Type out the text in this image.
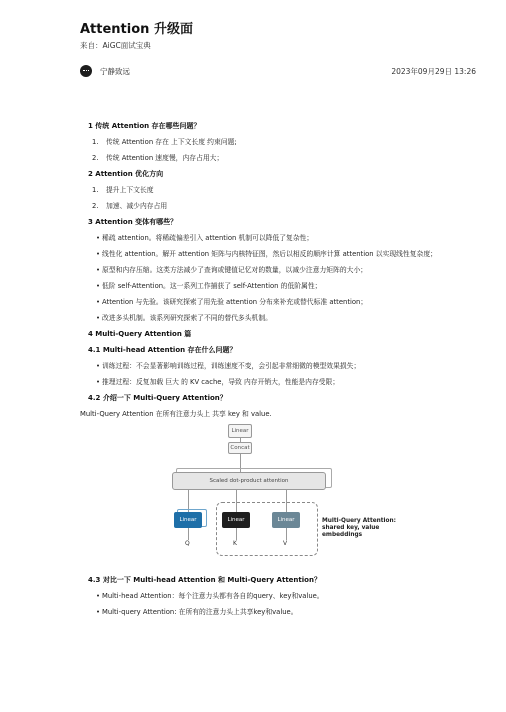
Attention 升级面
来自：AiGC面试宝典
宁静致远	2023年09月29日 13:26

1 传统 Attention 存在哪些问题？

1. 传统 Attention 存在 上下文长度 约束问题;
2. 传统 Attention 速度慢，内存占用大；

2 Attention 优化方向

1. 提升上下文长度
2. 加速、减少内存占用

3 Attention 变体有哪些？

• 稀疏 attention。将稀疏偏差引入 attention 机制可以降低了复杂性；
• 线性化 attention。解开 attention 矩阵与内核特征图，然后以相反的顺序计算 attention 以实现线性复杂度；
• 原型和内存压缩。这类方法减少了查询或键值记忆对的数量，以减少注意力矩阵的大小；
• 低阶 self-Attention。这一系列工作捕获了 self-Attention 的低阶属性；
• Attention 与先验。该研究探索了用先验 attention 分布来补充或替代标准 attention；
• 改进多头机制。该系列研究探索了不同的替代多头机制。

4 Multi-Query Attention 篇

4.1 Multi-head Attention 存在什么问题？

• 训练过程：不会显著影响训练过程，训练速度不变，会引起非常细微的模型效果损失；
• 推理过程：反复加载 巨大 的 KV cache，导致 内存开销大，性能是内存受限；

4.2 介绍一下 Multi-Query Attention？

Multi-Query Attention 在所有注意力头上 共享 key 和 value.

4.3 对比一下 Multi-head Attention 和 Multi-Query Attention？

• Multi-head Attention：每个注意力头都有各自的query、key和value。
• Multi-query Attention: 在所有的注意力头上共享key和value。
Linear
Concat
Scaled dot-product attention
Linear	Linear	Linear
Q	K	V
Multi-Query Attention: shared key, value embeddings
